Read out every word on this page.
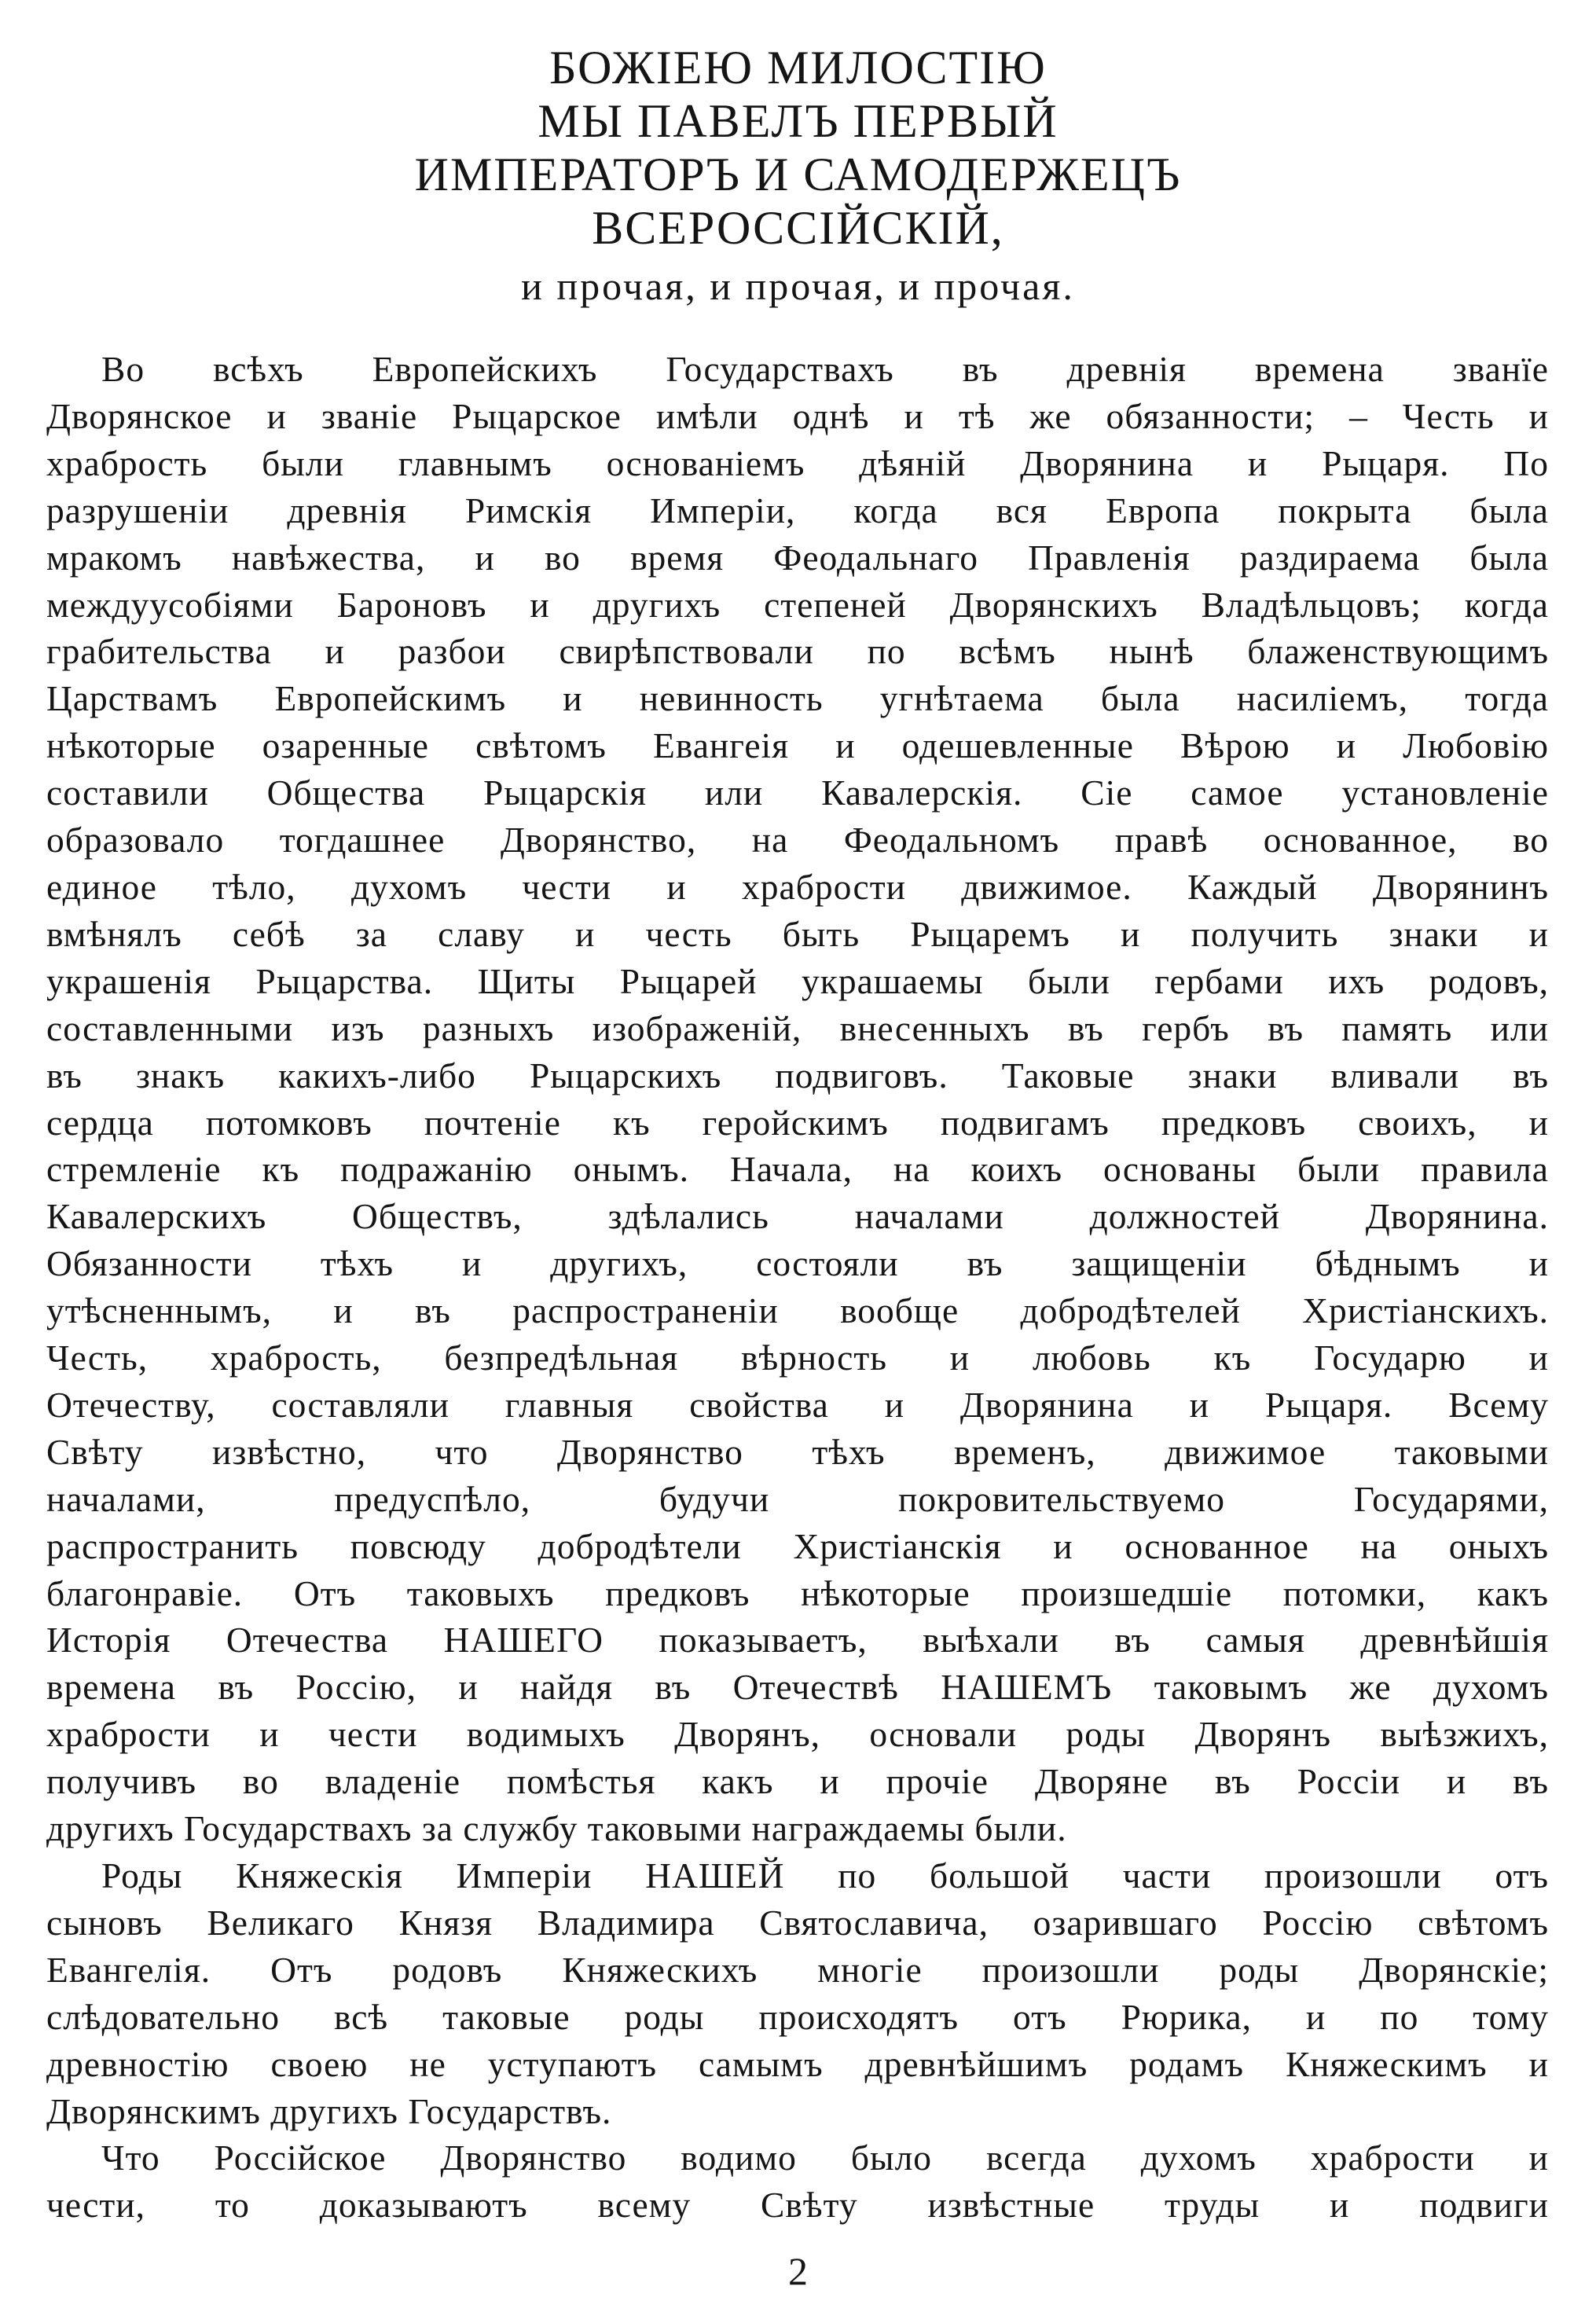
БОЖІЕЮ МИЛОСТІЮ
МЫ ПАВЕЛЪ ПЕРВЫЙ
ИМПЕРАТОРЪ И САМОДЕРЖЕЦЪ
ВСЕРОССІЙСКІЙ,
и прочая, и прочая, и прочая.
Во всѣхъ Европейскихъ Государствахъ въ древнія времена званїе
Дворянское и званіе Рыцарское имѣли однѣ и тѣ же обязанности; – Честь и
храбрость были главнымъ основаніемъ дѣяній Дворянина и Рыцаря. По
разрушеніи древнія Римскія Имперіи, когда вся Европа покрыта была
мракомъ навѣжества, и во время Феодальнаго Правленія раздираема была
междуусобіями Бароновъ и другихъ степеней Дворянскихъ Владѣльцовъ; когда
грабительства и разбои свирѣпствовали по всѣмъ нынѣ блаженствующимъ
Царствамъ Европейскимъ и невинность угнѣтаема была насиліемъ, тогда
нѣкоторые озаренные свѣтомъ Евангеія и одешевленные Вѣрою и Любовію
составили Общества Рыцарскія или Кавалерскія. Сіе самое установленіе
образовало тогдашнее Дворянство, на Феодальномъ правѣ основанное, во
единое тѣло, духомъ чести и храбрости движимое. Каждый Дворянинъ
вмѣнялъ себѣ за славу и честь быть Рыцаремъ и получить знаки и
украшенія Рыцарства. Щиты Рыцарей украшаемы были гербами ихъ родовъ,
составленными изъ разныхъ изображеній, внесенныхъ въ гербъ въ память или
въ знакъ какихъ-либо Рыцарскихъ подвиговъ. Таковые знаки вливали въ
сердца потомковъ почтеніе къ геройскимъ подвигамъ предковъ своихъ, и
стремленіе къ подражанію онымъ. Начала, на коихъ основаны были правила
Кавалерскихъ Обществъ, здѣлались началами должностей Дворянина.
Обязанности тѣхъ и другихъ, состояли въ защищеніи бѣднымъ и
утѣсненнымъ, и въ распространеніи вообще добродѣтелей Христіанскихъ.
Честь, храбрость, безпредѣльная вѣрность и любовь къ Государю и
Отечеству, составляли главныя свойства и Дворянина и Рыцаря. Всему
Свѣту извѣстно, что Дворянство тѣхъ временъ, движимое таковыми
началами, предуспѣло, будучи покровительствуемо Государями,
распространить повсюду добродѣтели Христіанскія и основанное на оныхъ
благонравіе. Отъ таковыхъ предковъ нѣкоторые произшедшіе потомки, какъ
Исторія Отечества НАШЕГО показываетъ, выѣхали въ самыя древнѣйшія
времена въ Россію, и найдя въ Отечествѣ НАШЕМЪ таковымъ же духомъ
храбрости и чести водимыхъ Дворянъ, основали роды Дворянъ выѣзжихъ,
получивъ во владеніе помѣстья какъ и прочіе Дворяне въ Россіи и въ
другихъ Государствахъ за службу таковыми награждаемы были.
Роды Княжескія Имперіи НАШЕЙ по большой части произошли отъ
сыновъ Великаго Князя Владимира Святославича, озарившаго Россію свѣтомъ
Евангелія. Отъ родовъ Княжескихъ многіе произошли роды Дворянскіе;
слѣдовательно всѣ таковые роды происходятъ отъ Рюрика, и по тому
древностію своею не уступаютъ самымъ древнѣйшимъ родамъ Княжескимъ и
Дворянскимъ другихъ Государствъ.
Что Россійское Дворянство водимо было всегда духомъ храбрости и
чести, то доказываютъ всему Свѣту извѣстные труды и подвиги
2
